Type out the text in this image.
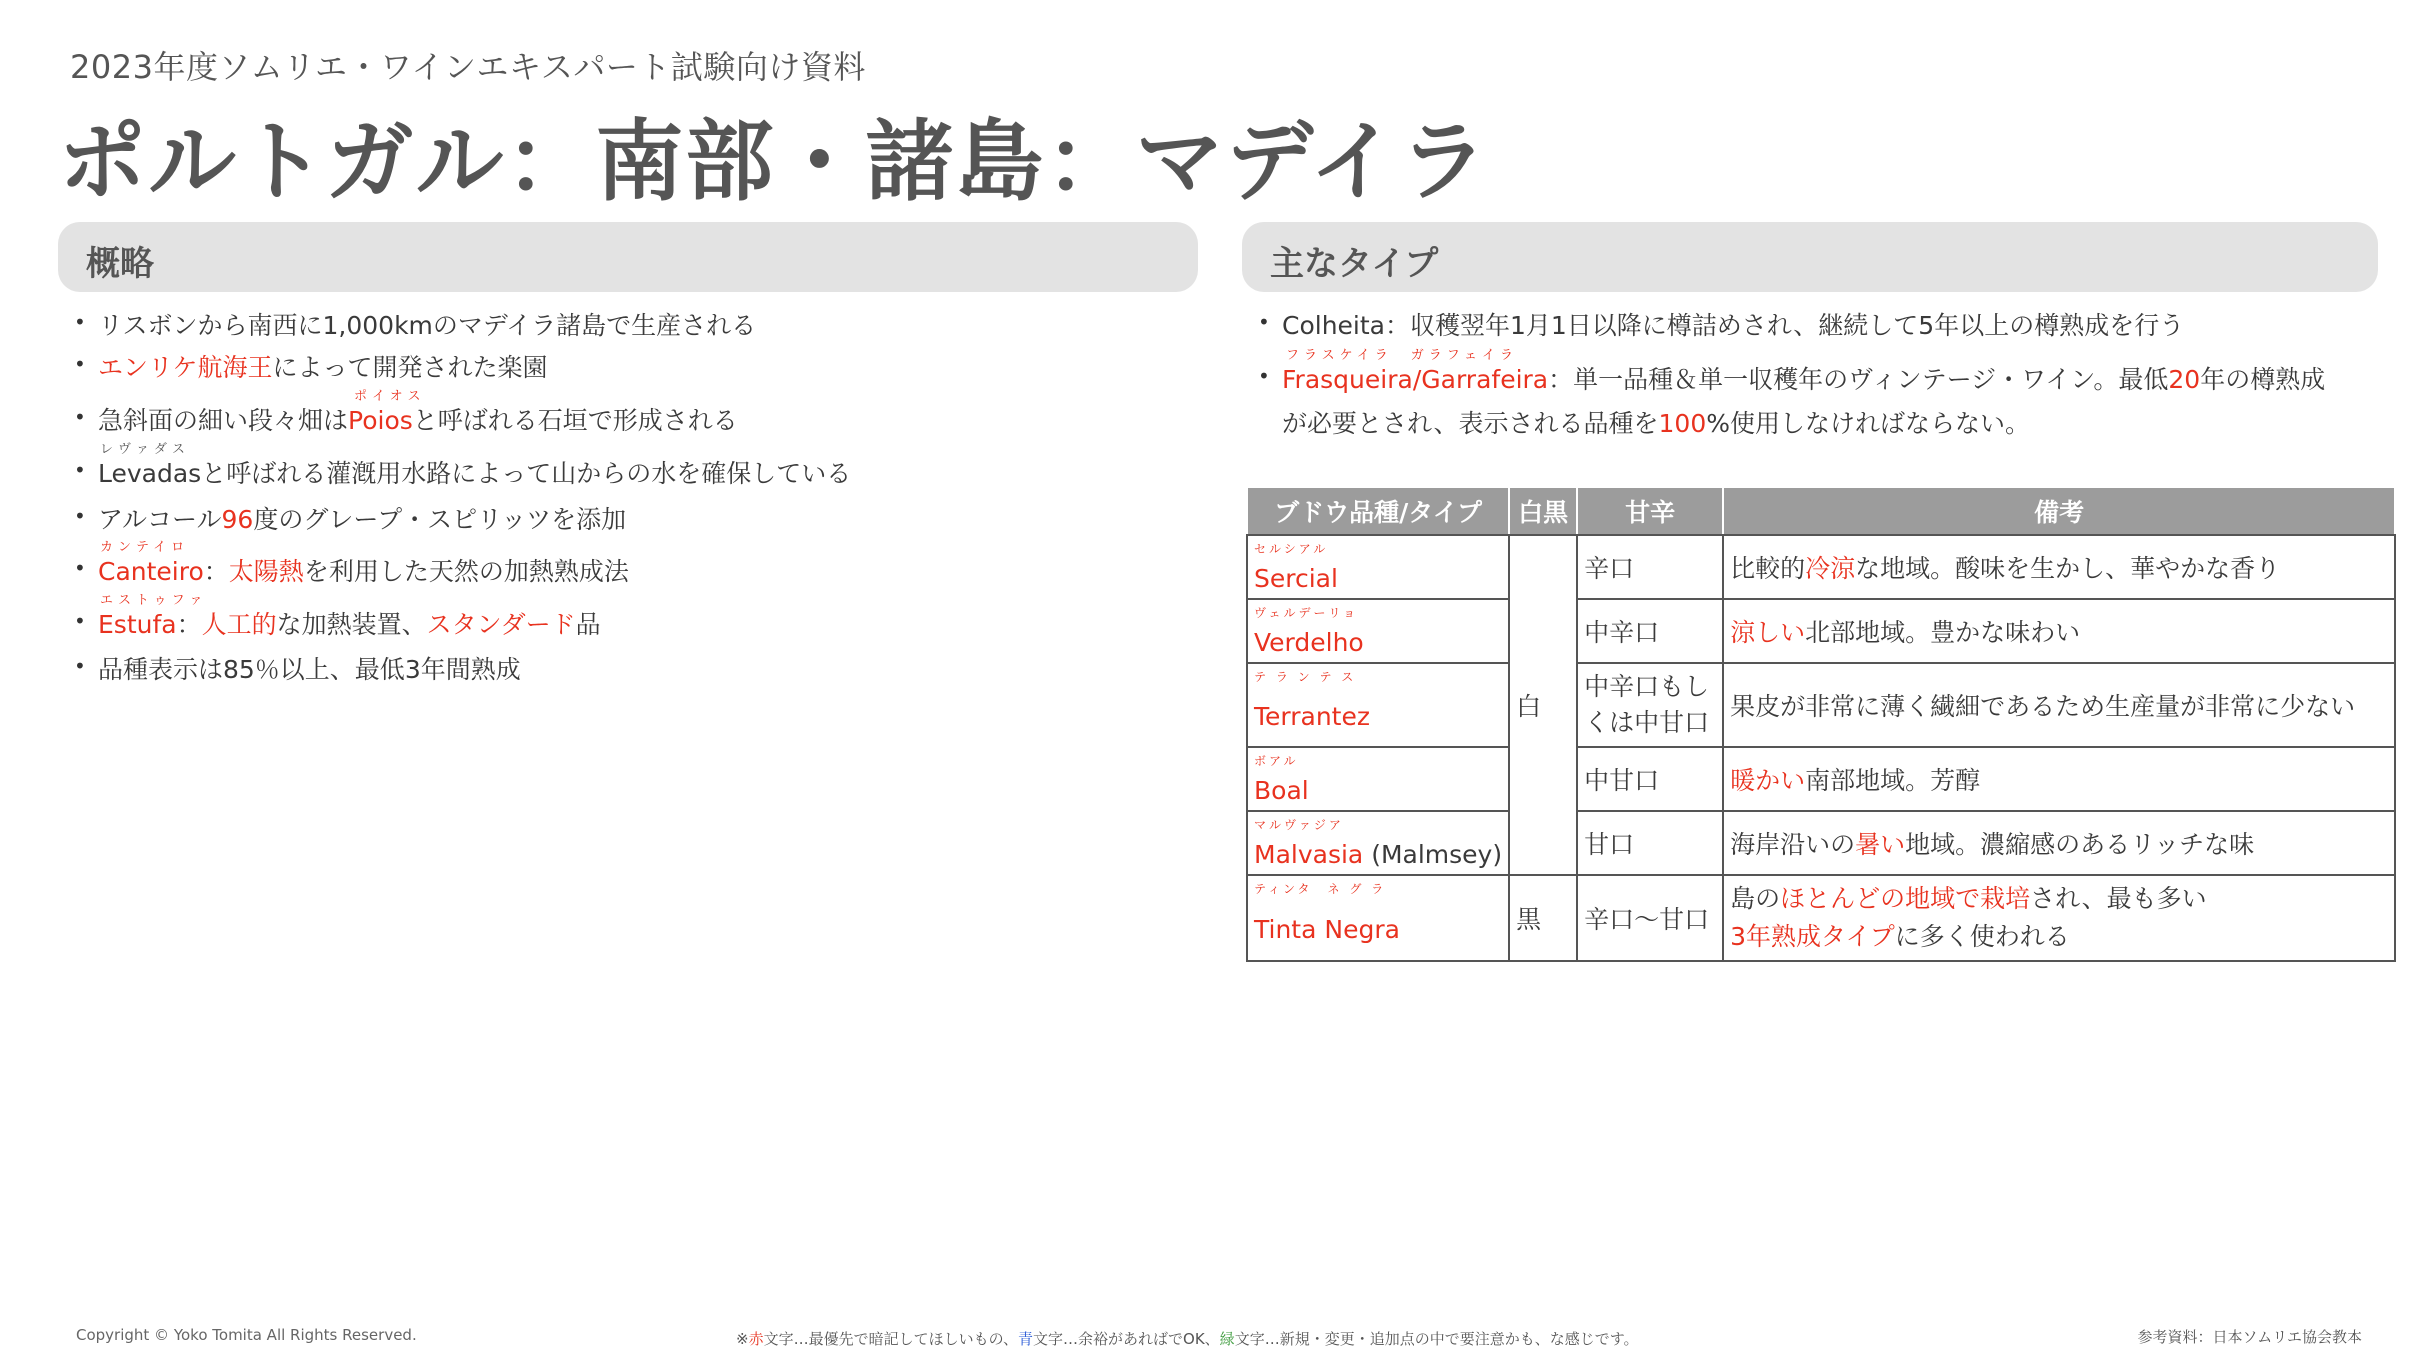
2023年度ソムリエ・ワインエキスパート試験向け資料
ポルトガル：南部・諸島：マデイラ
概略	主なタイプ
• リスボンから南西に1,000kmのマデイラ諸島で生産される
• エンリケ航海王によって開発された楽園
• ポイオス
急斜面の細い段々畑はPoiosと呼ばれる石垣で形成される
• レヴァダス
Levadasと呼ばれる灌漑用水路によって山からの水を確保している
• アルコール96度のグレープ・スピリッツを添加
• カンテイロ
Canteiro：太陽熱を利用した天然の加熱熟成法
• エストゥファ
Estufa：人工的な加熱装置、スタンダード品
• 品種表示は85％以上、最低3年間熟成
• Colheita：収穫翌年1月1日以降に樽詰めされ、継続して5年以上の樽熟成を行う
• フラスケイラ　ガラフェイラ
Frasqueira/Garrafeira：単一品種＆単一収穫年のヴィンテージ・ワイン。最低20年の樽熟成
が必要とされ、表示される品種を100%使用しなければならない。
ブドウ品種/タイプ	白黒	甘辛	備考

セルシアル
Sercial	白	辛口	比較的冷涼な地域。酸味を生かし、華やかな香り

ヴェルデーリョ
Verdelho		中辛口	涼しい北部地域。豊かな味わい

テ ラ ン テ ス
Terrantez		中辛口もし
くは中甘口	果皮が非常に薄く繊細であるため生産量が非常に少ない

ボアル
Boal		中甘口	暖かい南部地域。芳醇

マルヴァジア
Malvasia (Malmsey)		甘口	海岸沿いの暑い地域。濃縮感のあるリッチな味

ティンタ　ネ グ ラ
Tinta Negra	黒	辛口〜甘口	島のほとんどの地域で栽培され、最も多い
3年熟成タイプに多く使われる
Copyright © Yoko Tomita All Rights Reserved.	※赤文字…最優先で暗記してほしいもの、青文字…余裕があればでOK、緑文字…新規・変更・追加点の中で要注意かも、な感じです。	参考資料：日本ソムリエ協会教本
